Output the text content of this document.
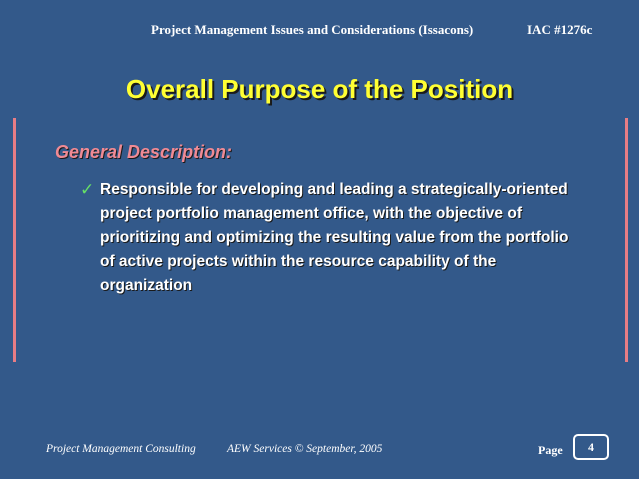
Project Management Issues and Considerations (Issacons)	IAC #1276c
Overall Purpose of the Position
General Description:
✓ Responsible for developing and leading a strategically-oriented project portfolio management office, with the objective of prioritizing and optimizing the resulting value from the portfolio of active projects within the resource capability of the organization
Project Management Consulting	AEW Services © September, 2005	Page	4
